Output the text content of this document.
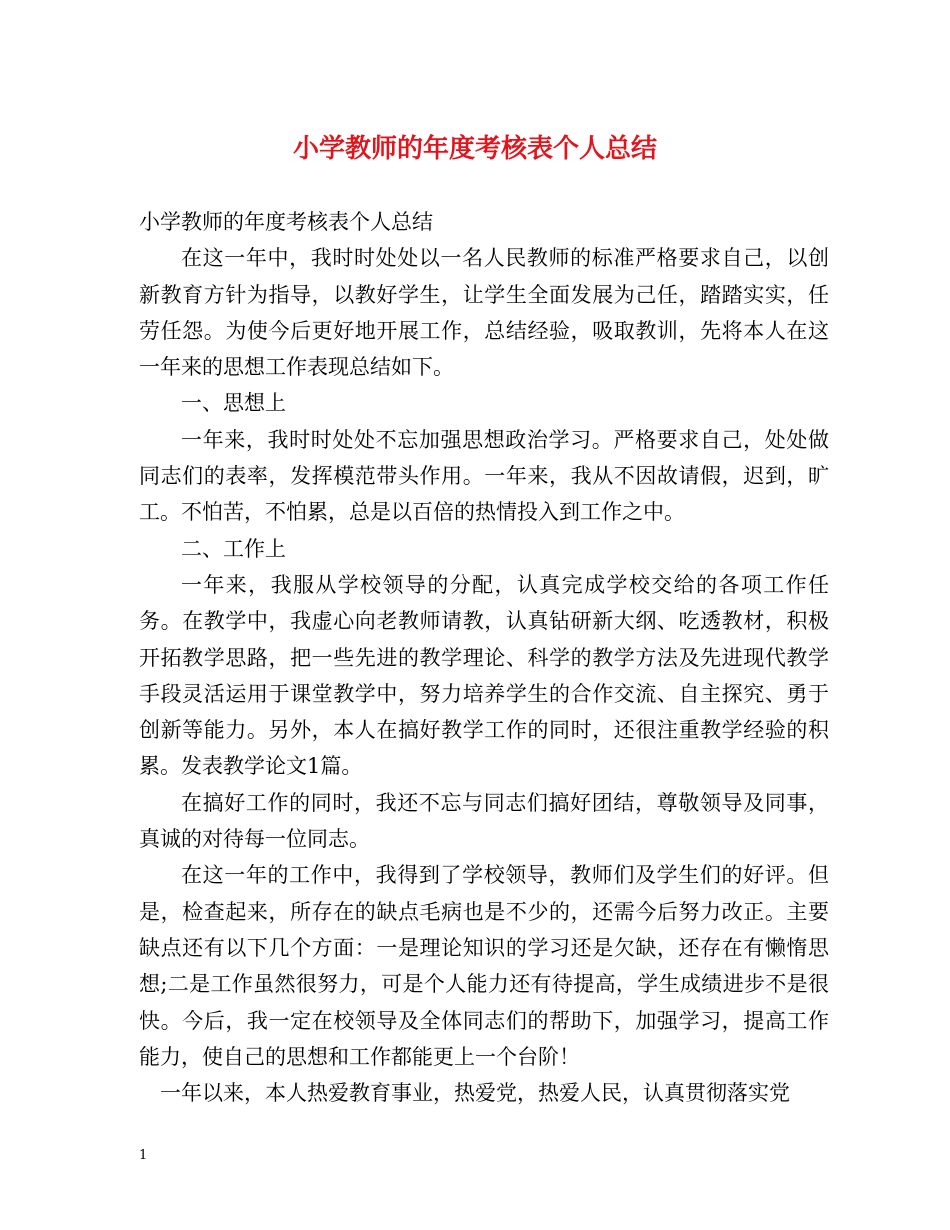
小学教师的年度考核表个人总结

小学教师的年度考核表个人总结

在这一年中，我时时处处以一名人民教师的标准严格要求自己，以创新教育方针为指导，以教好学生，让学生全面发展为己任，踏踏实实，任劳任怨。为使今后更好地开展工作，总结经验，吸取教训，先将本人在这一年来的思想工作表现总结如下。

一、思想上

一年来，我时时处处不忘加强思想政治学习。严格要求自己，处处做同志们的表率，发挥模范带头作用。一年来，我从不因故请假，迟到，旷工。不怕苦，不怕累，总是以百倍的热情投入到工作之中。

二、工作上

一年来，我服从学校领导的分配，认真完成学校交给的各项工作任务。在教学中，我虚心向老教师请教，认真钻研新大纲、吃透教材，积极开拓教学思路，把一些先进的教学理论、科学的教学方法及先进现代教学手段灵活运用于课堂教学中，努力培养学生的合作交流、自主探究、勇于创新等能力。另外，本人在搞好教学工作的同时，还很注重教学经验的积累。发表教学论文1篇。

在搞好工作的同时，我还不忘与同志们搞好团结，尊敬领导及同事，真诚的对待每一位同志。

在这一年的工作中，我得到了学校领导，教师们及学生们的好评。但是，检查起来，所存在的缺点毛病也是不少的，还需今后努力改正。主要缺点还有以下几个方面：一是理论知识的学习还是欠缺，还存在有懒惰思想;二是工作虽然很努力，可是个人能力还有待提高，学生成绩进步不是很快。今后，我一定在校领导及全体同志们的帮助下，加强学习，提高工作能力，使自己的思想和工作都能更上一个台阶！

一年以来，本人热爱教育事业，热爱党，热爱人民，认真贯彻落实党

1
